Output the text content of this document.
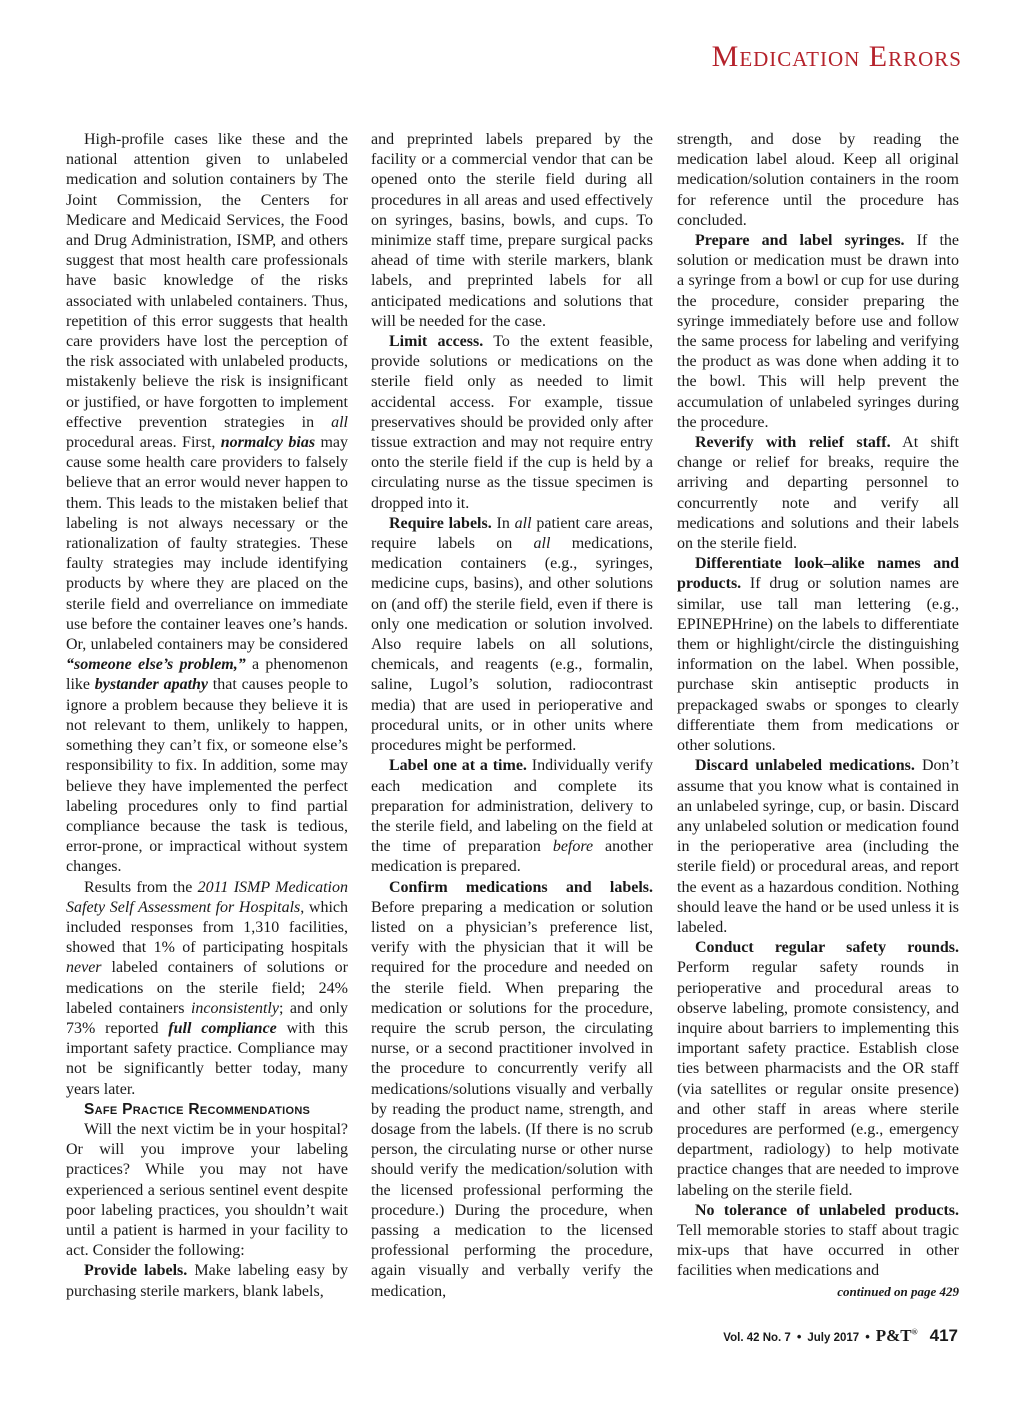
Medication Errors

High-profile cases like these and the national attention given to unlabeled medication and solution containers by The Joint Commission, the Centers for Medicare and Medicaid Services, the Food and Drug Administration, ISMP, and others suggest that most health care professionals have basic knowledge of the risks associated with unlabeled containers. Thus, repetition of this error suggests that health care providers have lost the perception of the risk associated with unlabeled products, mistakenly believe the risk is insignificant or justified, or have forgotten to implement effective prevention strategies in all procedural areas. First, normalcy bias may cause some health care providers to falsely believe that an error would never happen to them. This leads to the mistaken belief that labeling is not always necessary or the rationalization of faulty strategies. These faulty strategies may include identifying products by where they are placed on the sterile field and overreliance on immediate use before the container leaves one’s hands. Or, unlabeled containers may be considered “someone else’s problem,” a phenomenon like bystander apathy that causes people to ignore a problem because they believe it is not relevant to them, unlikely to happen, something they can’t fix, or someone else’s responsibility to fix. In addition, some may believe they have implemented the perfect labeling procedures only to find partial compliance because the task is tedious, error-prone, or impractical without system changes.

Results from the 2011 ISMP Medication Safety Self Assessment for Hospitals, which included responses from 1,310 facilities, showed that 1% of participating hospitals never labeled containers of solutions or medications on the sterile field; 24% labeled containers inconsistently; and only 73% reported full compliance with this important safety practice. Compliance may not be significantly better today, many years later.

Safe Practice Recommendations

Will the next victim be in your hospital? Or will you improve your labeling practices? While you may not have experienced a serious sentinel event despite poor labeling practices, you shouldn’t wait until a patient is harmed in your facility to act. Consider the following:

Provide labels. Make labeling easy by purchasing sterile markers, blank labels,

and preprinted labels prepared by the facility or a commercial vendor that can be opened onto the sterile field during all procedures in all areas and used effectively on syringes, basins, bowls, and cups. To minimize staff time, prepare surgical packs ahead of time with sterile markers, blank labels, and preprinted labels for all anticipated medications and solutions that will be needed for the case.

Limit access. To the extent feasible, provide solutions or medications on the sterile field only as needed to limit accidental access. For example, tissue preservatives should be provided only after tissue extraction and may not require entry onto the sterile field if the cup is held by a circulating nurse as the tissue specimen is dropped into it.

Require labels. In all patient care areas, require labels on all medications, medication containers (e.g., syringes, medicine cups, basins), and other solutions on (and off) the sterile field, even if there is only one medication or solution involved. Also require labels on all solutions, chemicals, and reagents (e.g., formalin, saline, Lugol’s solution, radiocontrast media) that are used in perioperative and procedural units, or in other units where procedures might be performed.

Label one at a time. Individually verify each medication and complete its preparation for administration, delivery to the sterile field, and labeling on the field at the time of preparation before another medication is prepared.

Confirm medications and labels. Before preparing a medication or solution listed on a physician’s preference list, verify with the physician that it will be required for the procedure and needed on the sterile field. When preparing the medication or solutions for the procedure, require the scrub person, the circulating nurse, or a second practitioner involved in the procedure to concurrently verify all medications/solutions visually and verbally by reading the product name, strength, and dosage from the labels. (If there is no scrub person, the circulating nurse or other nurse should verify the medication/solution with the licensed professional performing the procedure.) During the procedure, when passing a medication to the licensed professional performing the procedure, again visually and verbally verify the medication,

strength, and dose by reading the medication label aloud. Keep all original medication/solution containers in the room for reference until the procedure has concluded.

Prepare and label syringes. If the solution or medication must be drawn into a syringe from a bowl or cup for use during the procedure, consider preparing the syringe immediately before use and follow the same process for labeling and verifying the product as was done when adding it to the bowl. This will help prevent the accumulation of unlabeled syringes during the procedure.

Reverify with relief staff. At shift change or relief for breaks, require the arriving and departing personnel to concurrently note and verify all medications and solutions and their labels on the sterile field.

Differentiate look–alike names and products. If drug or solution names are similar, use tall man lettering (e.g., EPINEPHrine) on the labels to differentiate them or highlight/circle the distinguishing information on the label. When possible, purchase skin antiseptic products in prepackaged swabs or sponges to clearly differentiate them from medications or other solutions.

Discard unlabeled medications. Don’t assume that you know what is contained in an unlabeled syringe, cup, or basin. Discard any unlabeled solution or medication found in the perioperative area (including the sterile field) or procedural areas, and report the event as a hazardous condition. Nothing should leave the hand or be used unless it is labeled.

Conduct regular safety rounds. Perform regular safety rounds in perioperative and procedural areas to observe labeling, promote consistency, and inquire about barriers to implementing this important safety practice. Establish close ties between pharmacists and the OR staff (via satellites or regular onsite presence) and other staff in areas where sterile procedures are performed (e.g., emergency department, radiology) to help motivate practice changes that are needed to improve labeling on the sterile field.

No tolerance of unlabeled products. Tell memorable stories to staff about tragic mix-ups that have occurred in other facilities when medications and

continued on page 429

Vol. 42 No. 7 • July 2017 • P&T® 417
